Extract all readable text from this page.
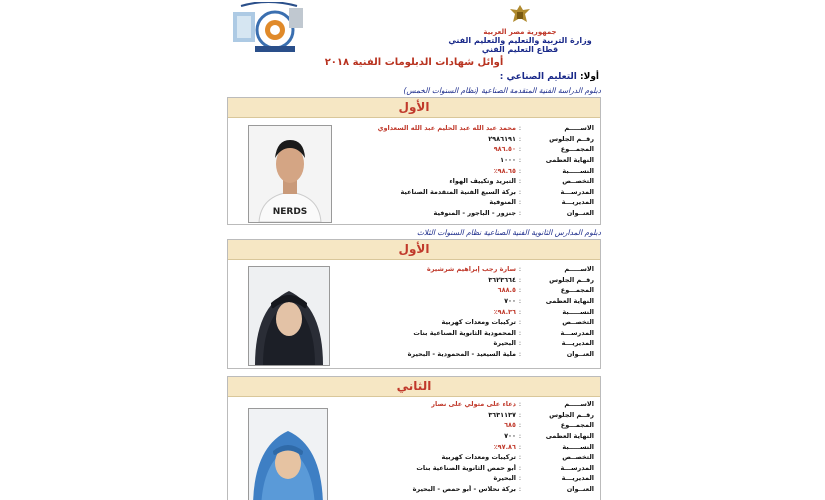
جمهورية مصر العربية
وزارة التربية والتعليم والتعليم الفني
قطاع التعليم الفني
أوائل شهادات الدبلومات الفنية ٢٠١٨
أولا: التعليم الصناعي :
دبلوم الدراسة الفنية المتقدمة الصناعية (نظام السنوات الخمس)
الأول
NERDS
الاســـــم
:
محمد عبد الله عبد الحليم عبد الله السعداوي
رقــم الجلوس
:
٢٩٨٦١٩١
المجمـــوع
:
٩٨٦.٥٠
النهاية العظمى
:
١٠٠٠
النســـــبة
:
٩٨.٦٥٪
التخصــص
:
التبريد وتكييف الهواء
المدرســـة
:
بركة السبع الفنية المتقدمة الصناعية
المديريـــة
:
المنوفية
العنــوان
:
جنزور - الباجور - المنوفية
دبلوم المدارس الثانوية الفنية الصناعية نظام السنوات الثلاث
الأول
الاســـــم
:
سارة رجب إبراهيم شرشيرة
رقــم الجلوس
:
٣٦٢٣٦٦٤
المجمـــوع
:
٦٨٨.٥
النهاية العظمى
:
٧٠٠
النســـــبة
:
٩٨.٣٦٪
التخصــص
:
تركيبات ومعدات كهربية
المدرســـة
:
المحمودية الثانوية الصناعية بنات
المديريـــة
:
البحيرة
العنــوان
:
ملية السيعيد - المحمودية - البحيرة
الثاني
الاســـــم
:
دعاء على متولي على نصار
رقــم الجلوس
:
٣٦٣١١٣٧
المجمـــوع
:
٦٨٥
النهاية العظمى
:
٧٠٠
النســـــبة
:
٩٧.٨٦٪
التخصــص
:
تركيبات ومعدات كهربية
المدرســـة
:
أبو حمص الثانوية الصناعية بنات
المديريـــة
:
البحيرة
العنــوان
:
بركة نحلاس - أبو حمص - البحيرة
